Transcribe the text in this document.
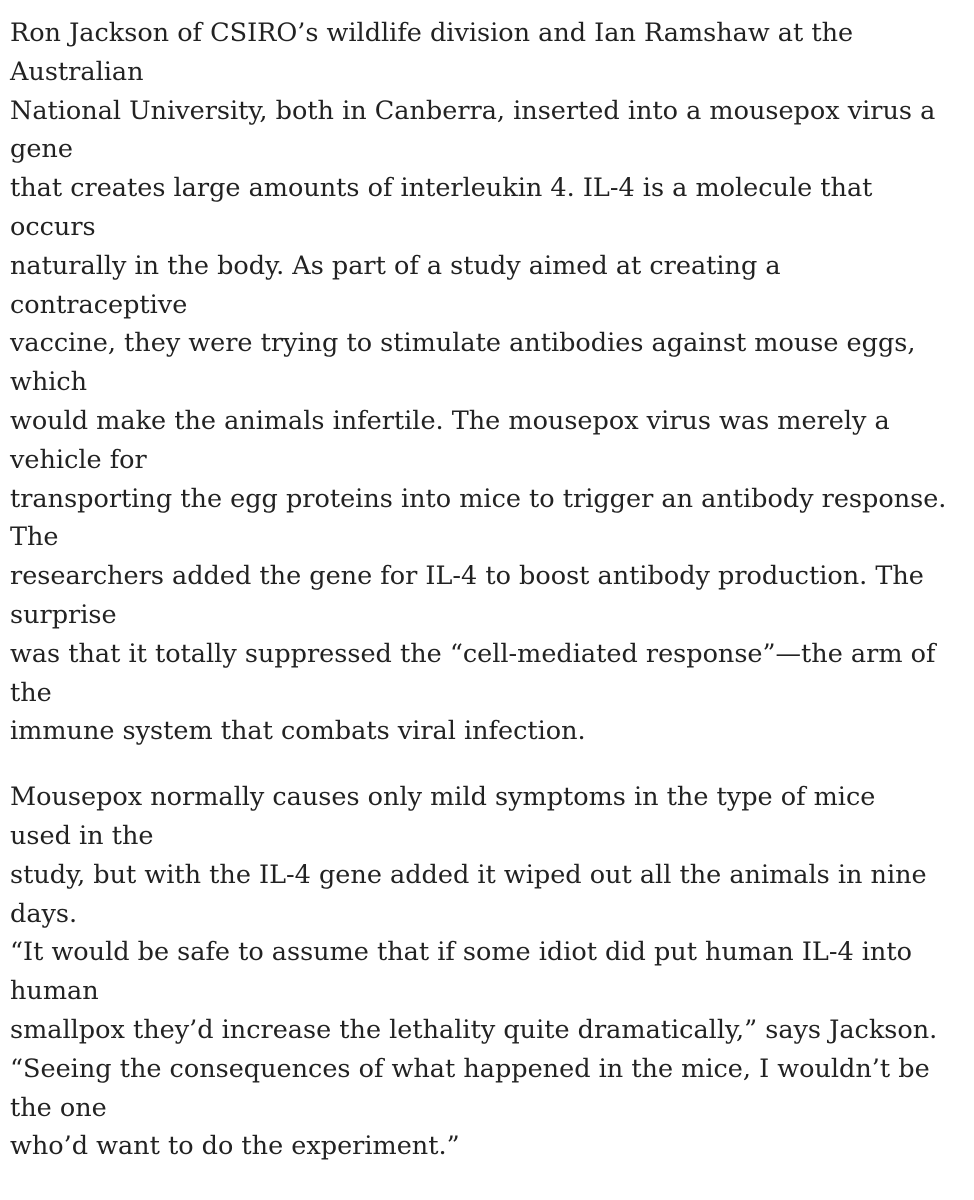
Ron Jackson of CSIRO’s wildlife division and Ian Ramshaw at the
Australian
National University, both in Canberra, inserted into a mousepox virus a
gene
that creates large amounts of interleukin 4. IL-4 is a molecule that
occurs
naturally in the body. As part of a study aimed at creating a
contraceptive
vaccine, they were trying to stimulate antibodies against mouse eggs,
which
would make the animals infertile. The mousepox virus was merely a
vehicle for
transporting the egg proteins into mice to trigger an antibody response.
The
researchers added the gene for IL-4 to boost antibody production. The
surprise
was that it totally suppressed the “cell-mediated response”—the arm of
the
immune system that combats viral infection.

Mousepox normally causes only mild symptoms in the type of mice
used in the
study, but with the IL-4 gene added it wiped out all the animals in nine
days.
“It would be safe to assume that if some idiot did put human IL-4 into
human
smallpox they’d increase the lethality quite dramatically,” says Jackson.
“Seeing the consequences of what happened in the mice, I wouldn’t be
the one
who’d want to do the experiment.”
